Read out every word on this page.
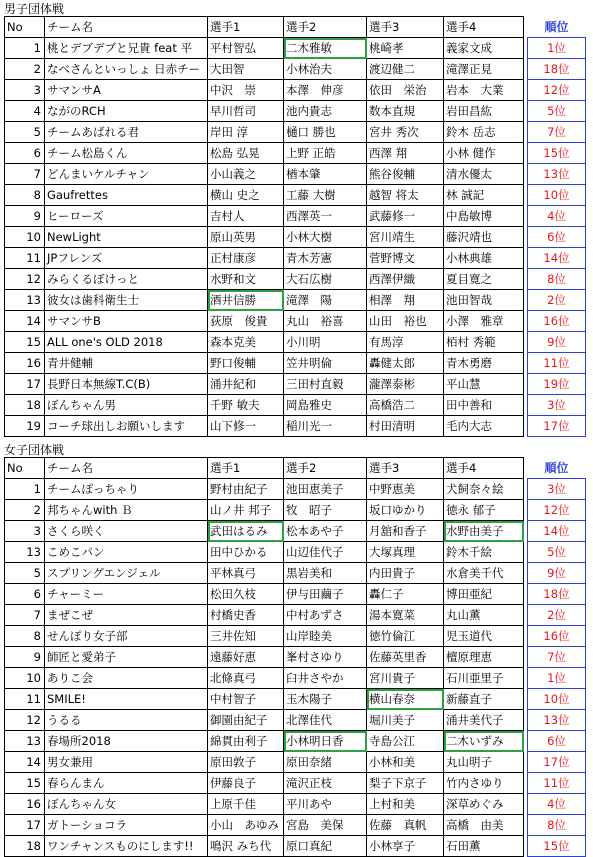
男子団体戦
No	チーム名	選手1	選手2	選手3	選手4		順位
1	桃とデブデブと兄貴 feat 平	平村智弘	二木雅敏	桃崎孝	義家文成		1位
2	なべさんといっしょ 日赤チー	大田智	小林治夫	渡辺健二	滝澤正見		18位
3	サマンサA	中沢　崇	本澤　伸彦	依田　栄治	岩本　大業		12位
4	ながのRCH	早川哲司	池内貴志	数本直規	岩田昌紘		5位
5	チームあばれる君	岸田 淳	樋口 勝也	宮井 秀次	鈴木 岳志		7位
6	チーム松島くん	松島 弘晃	上野 正皓	西澤 翔	小林 健作		15位
7	どんまいケルチャン	小山義之	楢本肇	熊谷俊輔	清水優太		13位
8	Gaufrettes	横山 史之	工藤 大樹	越智 将太	林 誠記		10位
9	ヒーローズ	吉村人	西澤英一	武藤修一	中島敏博		4位
10	NewLight	原山英男	小林大樹	宮川靖生	藤沢靖也		6位
11	JPフレンズ	正村康彦	青木芳憲	菅野博文	小林典雄		14位
12	みらくるぼけっと	水野和文	大石広樹	西澤伊織	夏目寛之		8位
13	彼女は歯科衛生士	酒井信勝	滝澤　陽	相澤　翔	池田智哉		2位
14	サマンサB	荻原　俊貴	丸山　裕喜	山田　裕也	小澤　雅章		16位
15	ALL one's OLD 2018	森本克美	小川明	有馬淳	栢村 秀範		9位
16	青井健輔	野口俊輔	笠井明倫	轟健太郎	青木勇磨		11位
17	長野日本無線T.C(B)	涌井紀和	三田村直毅	瀧澤泰彬	平山慧		19位
18	ぼんちゃん男	千野 敏夫	岡島雅史	高橋浩二	田中善和		3位
19	コーチ球出しお願いします	山下修一	稲川光一	村田清明	毛内大志		17位
女子団体戦
No	チーム名	選手1	選手2	選手3	選手4		順位
1	チームぽっちゃり	野村由紀子	池田恵美子	中野恵美	犬飼奈々絵		3位
2	邦ちゃんwith Ｂ	山ノ井 邦子	牧　昭子	坂口ゆかり	徳永 郁子		12位
3	さくら咲く	武田はるみ	松本あや子	月舘和香子	水野由美子		14位
13	こめこパン	田中ひかる	山辺佳代子	大塚真理	鈴木千絵		5位
5	スプリングエンジェル	平林真弓	黒岩美和	内田貴子	水倉美千代		9位
6	チャーミー	松田久枝	伊与田繭子	轟仁子	博田亜紀		18位
7	まぜこぜ	村橋史香	中村あずさ	湯本寛菜	丸山薫		2位
8	せんぽり女子部	三井佐知	山岸睦美	徳竹倫江	児玉道代		16位
9	師匠と愛弟子	遠藤好恵	峯村さゆり	佐藤英里香	檀原理恵		7位
10	ありこ会	北條真弓	臼井さやか	宮川貴子	石川亜里子		1位
11	SMILE!	中村智子	玉木陽子	横山春奈	新藤直子		10位
12	うるる	御園由紀子	北澤佳代	堀川美子	涌井美代子		13位
13	春場所2018	綿貫由利子	小林明日香	寺島公江	二木いずみ		6位
14	男女兼用	原田敦子	原田奈緒	小林和美	丸山明子		17位
15	春らんまん	伊藤良子	滝沢正枝	梨子下京子	竹内さゆり		11位
16	ぼんちゃん女	上原千佳	平川あや	上村和美	深草めぐみ		4位
17	ガトーショコラ	小山　あゆみ	宮島　美保	佐藤　真帆	高橋　由美		8位
18	ワンチャンスものにします!!	鳴沢 みち代	原口真紀	小林享子	石田薫		15位
